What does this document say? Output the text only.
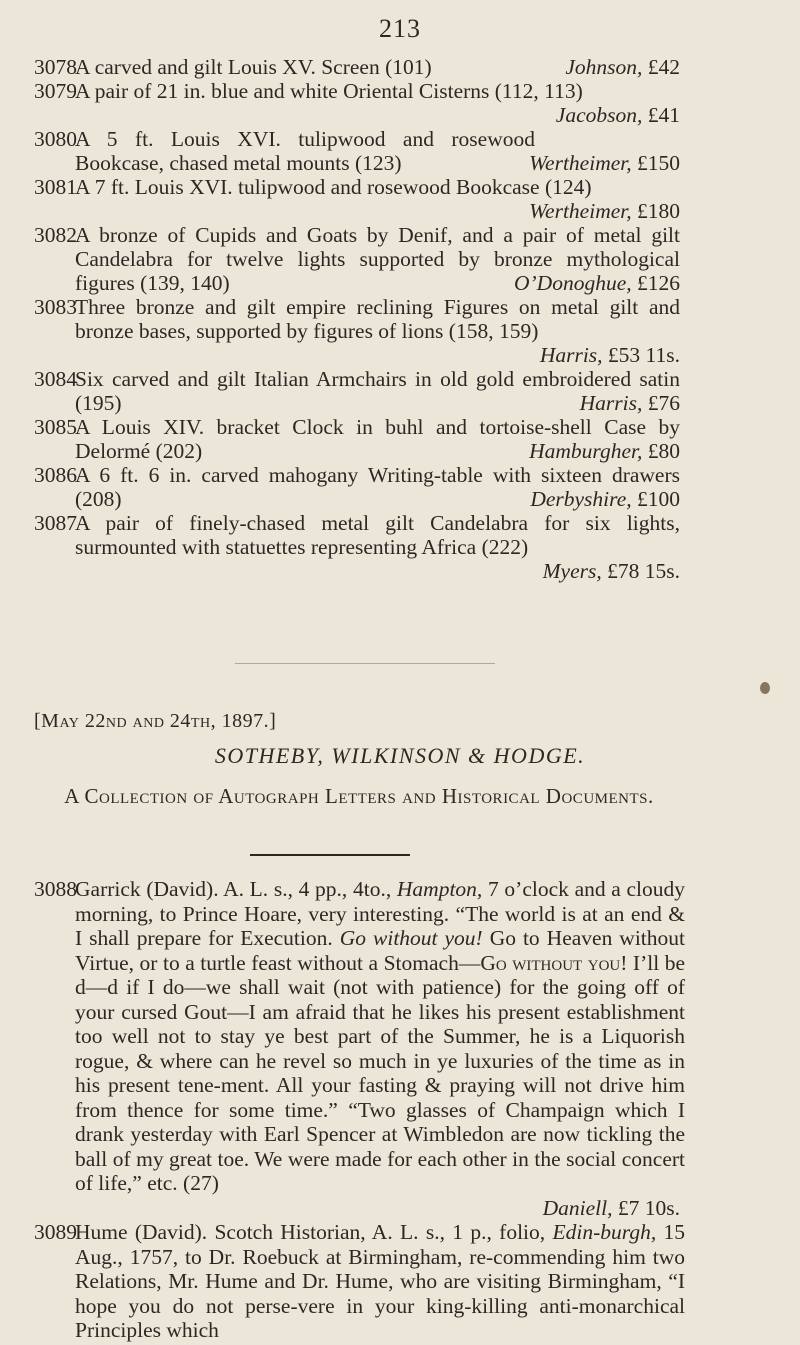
213
3078
A carved and gilt Louis XV. Screen (101)	Johnson, £42
3079
A pair of 21 in. blue and white Oriental Cisterns (112, 113)
Jacobson, £41
3080
A 5 ft. Louis XVI. tulipwood and rosewood Bookcase, chased metal mounts (123)	Wertheimer, £150
3081
A 7 ft. Louis XVI. tulipwood and rosewood Bookcase (124)
Wertheimer, £180
3082
A bronze of Cupids and Goats by Denif, and a pair of metal gilt Candelabra for twelve lights supported by bronze mythological figures (139, 140)	O’Donoghue, £126
3083
Three bronze and gilt empire reclining Figures on metal gilt and bronze bases, supported by figures of lions (158, 159)
Harris, £53 11s.
3084
Six carved and gilt Italian Armchairs in old gold embroidered satin (195)	Harris, £76
3085
A Louis XIV. bracket Clock in buhl and tortoise-shell Case by Delormé (202)	Hamburgher, £80
3086
A 6 ft. 6 in. carved mahogany Writing-table with sixteen drawers (208)	Derbyshire, £100
3087
A pair of finely-chased metal gilt Candelabra for six lights, surmounted with statuettes representing Africa (222)
Myers, £78 15s.
[May 22nd and 24th, 1897.]
SOTHEBY, WILKINSON & HODGE.
A Collection of Autograph Letters and Historical Documents.
3088
Garrick (David). A. L. s., 4 pp., 4to., Hampton, 7 o’clock and a cloudy morning, to Prince Hoare, very interesting. “The world is at an end & I shall prepare for Execution. Go without you! Go to Heaven without Virtue, or to a turtle feast without a Stomach—Go without you! I’ll be d—d if I do—we shall wait (not with patience) for the going off of your cursed Gout—I am afraid that he likes his present establishment too well not to stay ye best part of the Summer, he is a Liquorish rogue, & where can he revel so much in ye luxuries of the time as in his present tene-ment. All your fasting & praying will not drive him from thence for some time.” “Two glasses of Champaign which I drank yesterday with Earl Spencer at Wimbledon are now tickling the ball of my great toe. We were made for each other in the social concert of life,” etc. (27)
Daniell, £7 10s.
3089
Hume (David). Scotch Historian, A. L. s., 1 p., folio, Edin-burgh, 15 Aug., 1757, to Dr. Roebuck at Birmingham, re-commending him two Relations, Mr. Hume and Dr. Hume, who are visiting Birmingham, “I hope you do not perse-vere in your king-killing anti-monarchical Principles which
